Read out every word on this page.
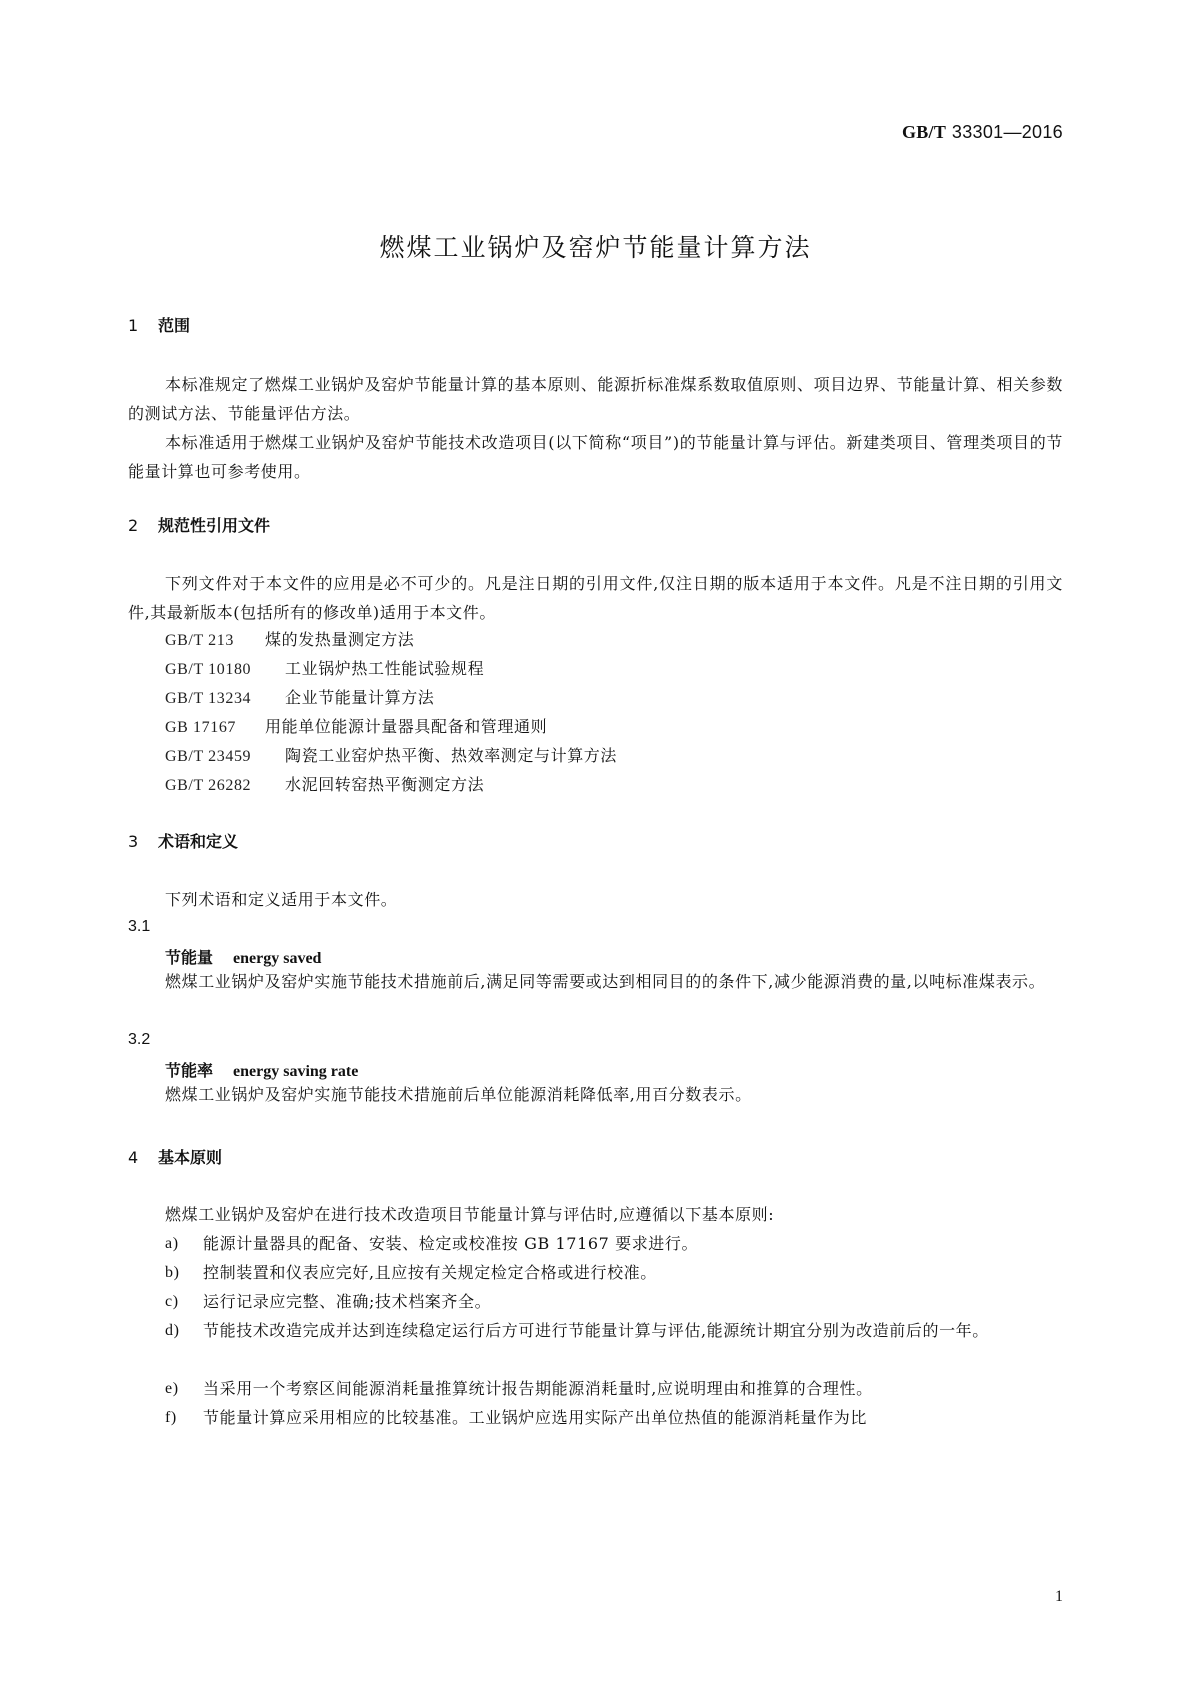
GB/T 33301—2016
燃煤工业锅炉及窑炉节能量计算方法
1 范围
本标准规定了燃煤工业锅炉及窑炉节能量计算的基本原则、能源折标准煤系数取值原则、项目边界、节能量计算、相关参数的测试方法、节能量评估方法。
本标准适用于燃煤工业锅炉及窑炉节能技术改造项目(以下简称“项目”)的节能量计算与评估。新建类项目、管理类项目的节能量计算也可参考使用。
2 规范性引用文件
下列文件对于本文件的应用是必不可少的。凡是注日期的引用文件,仅注日期的版本适用于本文件。凡是不注日期的引用文件,其最新版本(包括所有的修改单)适用于本文件。
GB/T 213 煤的发热量测定方法
GB/T 10180 工业锅炉热工性能试验规程
GB/T 13234 企业节能量计算方法
GB 17167 用能单位能源计量器具配备和管理通则
GB/T 23459 陶瓷工业窑炉热平衡、热效率测定与计算方法
GB/T 26282 水泥回转窑热平衡测定方法
3 术语和定义
下列术语和定义适用于本文件。
3.1
节能量 energy saved
燃煤工业锅炉及窑炉实施节能技术措施前后,满足同等需要或达到相同目的的条件下,减少能源消费的量,以吨标准煤表示。
3.2
节能率 energy saving rate
燃煤工业锅炉及窑炉实施节能技术措施前后单位能源消耗降低率,用百分数表示。
4 基本原则
燃煤工业锅炉及窑炉在进行技术改造项目节能量计算与评估时,应遵循以下基本原则:
a) 能源计量器具的配备、安装、检定或校准按 GB 17167 要求进行。
b) 控制装置和仪表应完好,且应按有关规定检定合格或进行校准。
c) 运行记录应完整、准确;技术档案齐全。
d) 节能技术改造完成并达到连续稳定运行后方可进行节能量计算与评估,能源统计期宜分别为改造前后的一年。
e) 当采用一个考察区间能源消耗量推算统计报告期能源消耗量时,应说明理由和推算的合理性。
f) 节能量计算应采用相应的比较基准。工业锅炉应选用实际产出单位热值的能源消耗量作为比
1
